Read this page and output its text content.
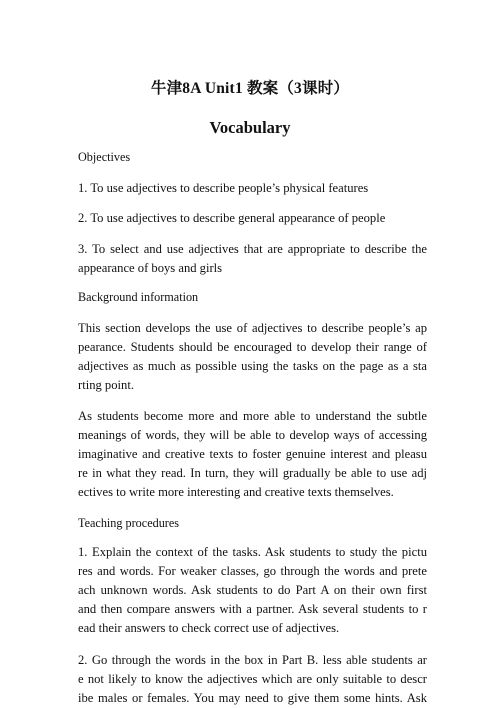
牛津8A Unit1 教案（3课时）
Vocabulary
Objectives
1. To use adjectives to describe people’s physical features
2. To use adjectives to describe general appearance of people
3. To select and use adjectives that are appropriate to describe the
appearance of boys and girls
Background information
This section develops the use of adjectives to describe people’s ap
pearance. Students should be encouraged to develop their range of
adjectives as much as possible using the tasks on the page as a sta
rting point.
As students become more and more able to understand the subtle
meanings of words, they will be able to develop ways of accessing
imaginative and creative texts to foster genuine interest and pleasu
re in what they read. In turn, they will gradually be able to use adj
ectives to write more interesting and creative texts themselves.
Teaching procedures
1. Explain the context of the tasks. Ask students to study the pictu
res and words. For weaker classes, go through the words and prete
ach unknown words. Ask students to do Part A on their own first
and then compare answers with a partner. Ask several students to r
ead their answers to check correct use of adjectives.
2. Go through the words in the box in Part B. less able students ar
e not likely to know the adjectives which are only suitable to descr
ibe males or females. You may need to give them some hints. Ask
